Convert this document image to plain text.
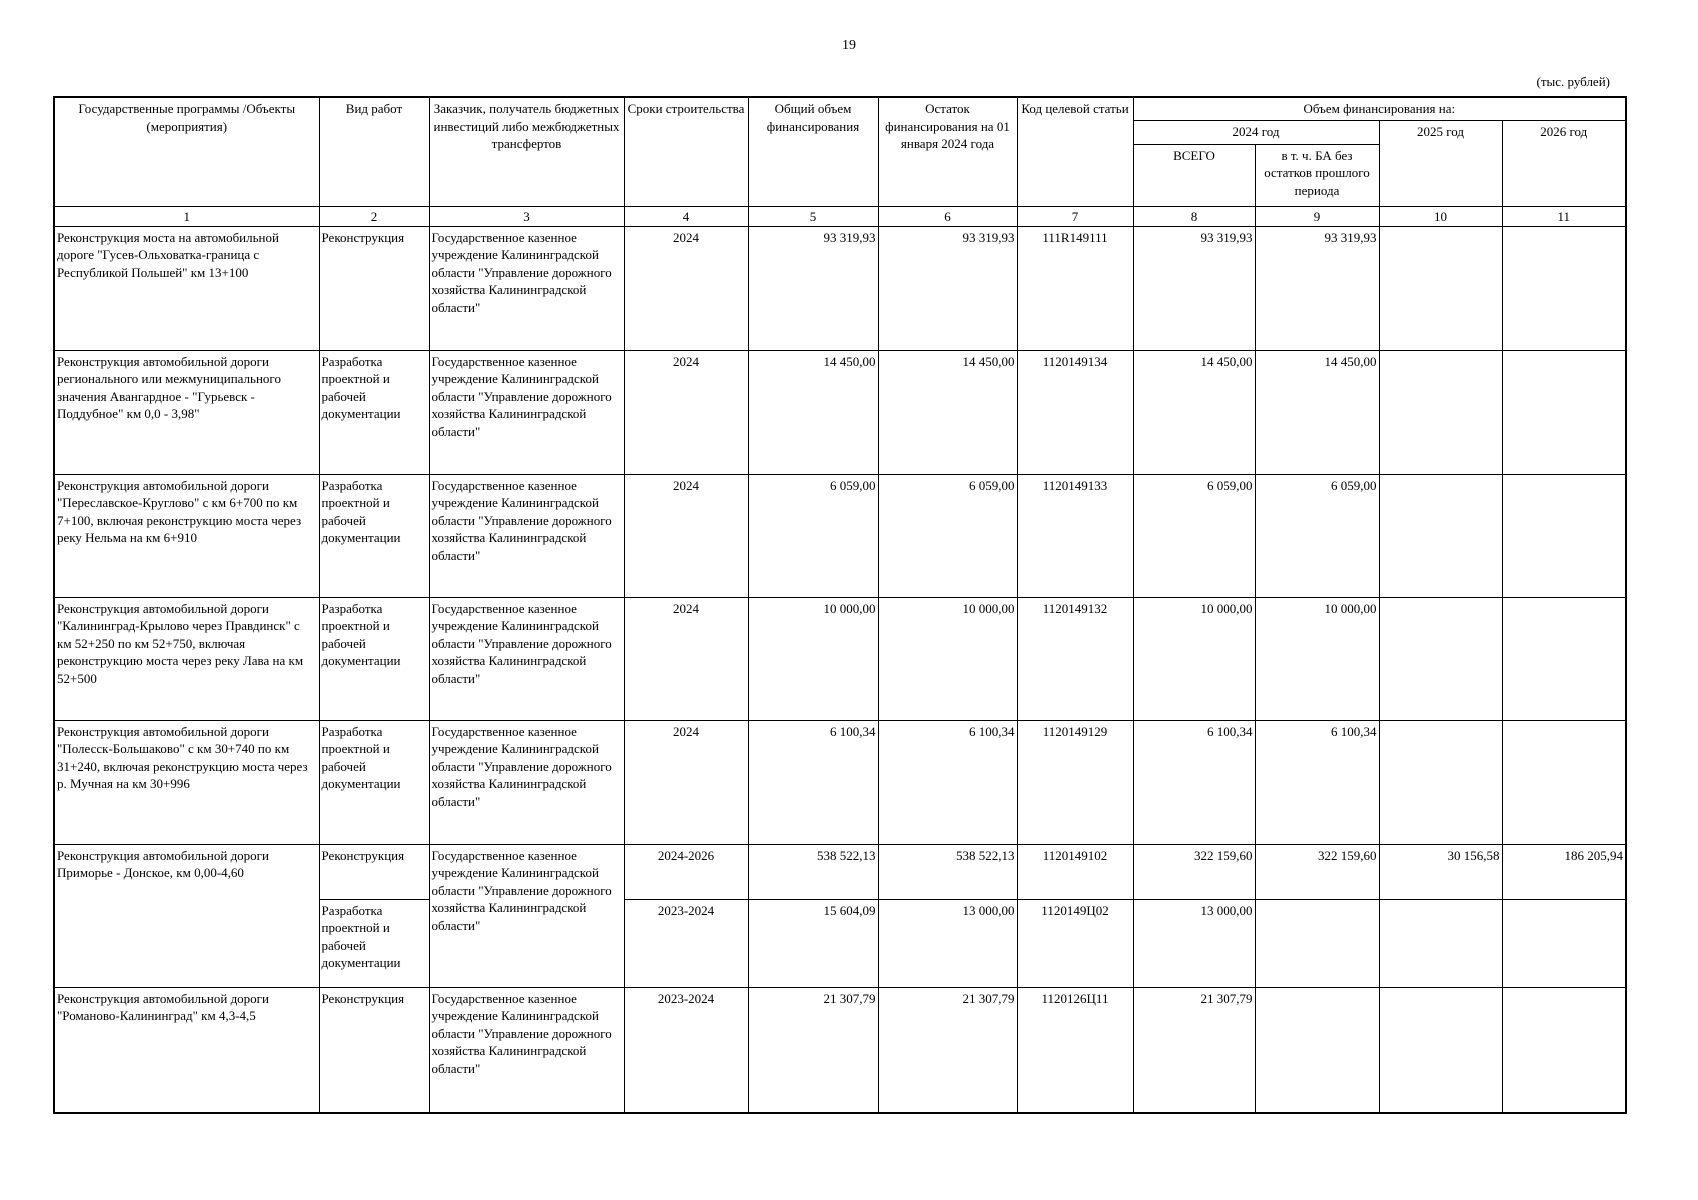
19
(тыс. рублей)
Государственные программы /Объекты (мероприятия)	Вид работ	Заказчик, получатель бюджетных инвестиций либо межбюджетных трансфертов	Сроки строительства	Общий объем финансирования	Остаток финансирования на 01 января 2024 года	Код целевой статьи	Объем финансирования на:			
							2024 год		2025 год	2026 год
							ВСЕГО	в т. ч. БА без остатков прошлого периода		
1	2	3	4	5	6	7	8	9	10	11
Реконструкция моста на автомобильной дороге "Гусев-Ольховатка-граница с Республикой Польшей" км 13+100	Реконструкция	Государственное казенное учреждение Калининградской области "Управление дорожного хозяйства Калининградской области"	2024	93 319,93	93 319,93	111R149111	93 319,93	93 319,93		
Реконструкция автомобильной дороги регионального или межмуниципального значения Авангардное - "Гурьевск - Поддубное" км 0,0 - 3,98"	Разработка проектной и рабочей документации	Государственное казенное учреждение Калининградской области "Управление дорожного хозяйства Калининградской области"	2024	14 450,00	14 450,00	1120149134	14 450,00	14 450,00		
Реконструкция автомобильной дороги "Переславское-Круглово" с км 6+700 по км 7+100, включая реконструкцию моста через реку Нельма на км 6+910	Разработка проектной и рабочей документации	Государственное казенное учреждение Калининградской области "Управление дорожного хозяйства Калининградской области"	2024	6 059,00	6 059,00	1120149133	6 059,00	6 059,00		
Реконструкция автомобильной дороги "Калининград-Крылово через Правдинск" с км 52+250 по км 52+750, включая реконструкцию моста через реку Лава на км 52+500	Разработка проектной и рабочей документации	Государственное казенное учреждение Калининградской области "Управление дорожного хозяйства Калининградской области"	2024	10 000,00	10 000,00	1120149132	10 000,00	10 000,00		
Реконструкция автомобильной дороги "Полесск-Большаково" с км 30+740 по км 31+240, включая реконструкцию моста через р. Мучная на км 30+996	Разработка проектной и рабочей документации	Государственное казенное учреждение Калининградской области "Управление дорожного хозяйства Калининградской области"	2024	6 100,34	6 100,34	1120149129	6 100,34	6 100,34		
Реконструкция автомобильной дороги Приморье - Донское, км 0,00-4,60	Реконструкция	Государственное казенное учреждение Калининградской области "Управление дорожного хозяйства Калининградской области"	2024-2026	538 522,13	538 522,13	1120149102	322 159,60	322 159,60	30 156,58	186 205,94
	Разработка проектной и рабочей документации		2023-2024	15 604,09	13 000,00	1120149Ц02	13 000,00			
Реконструкция автомобильной дороги "Романово-Калининград" км 4,3-4,5	Реконструкция	Государственное казенное учреждение Калининградской области "Управление дорожного хозяйства Калининградской области"	2023-2024	21 307,79	21 307,79	1120126Ц11	21 307,79			
